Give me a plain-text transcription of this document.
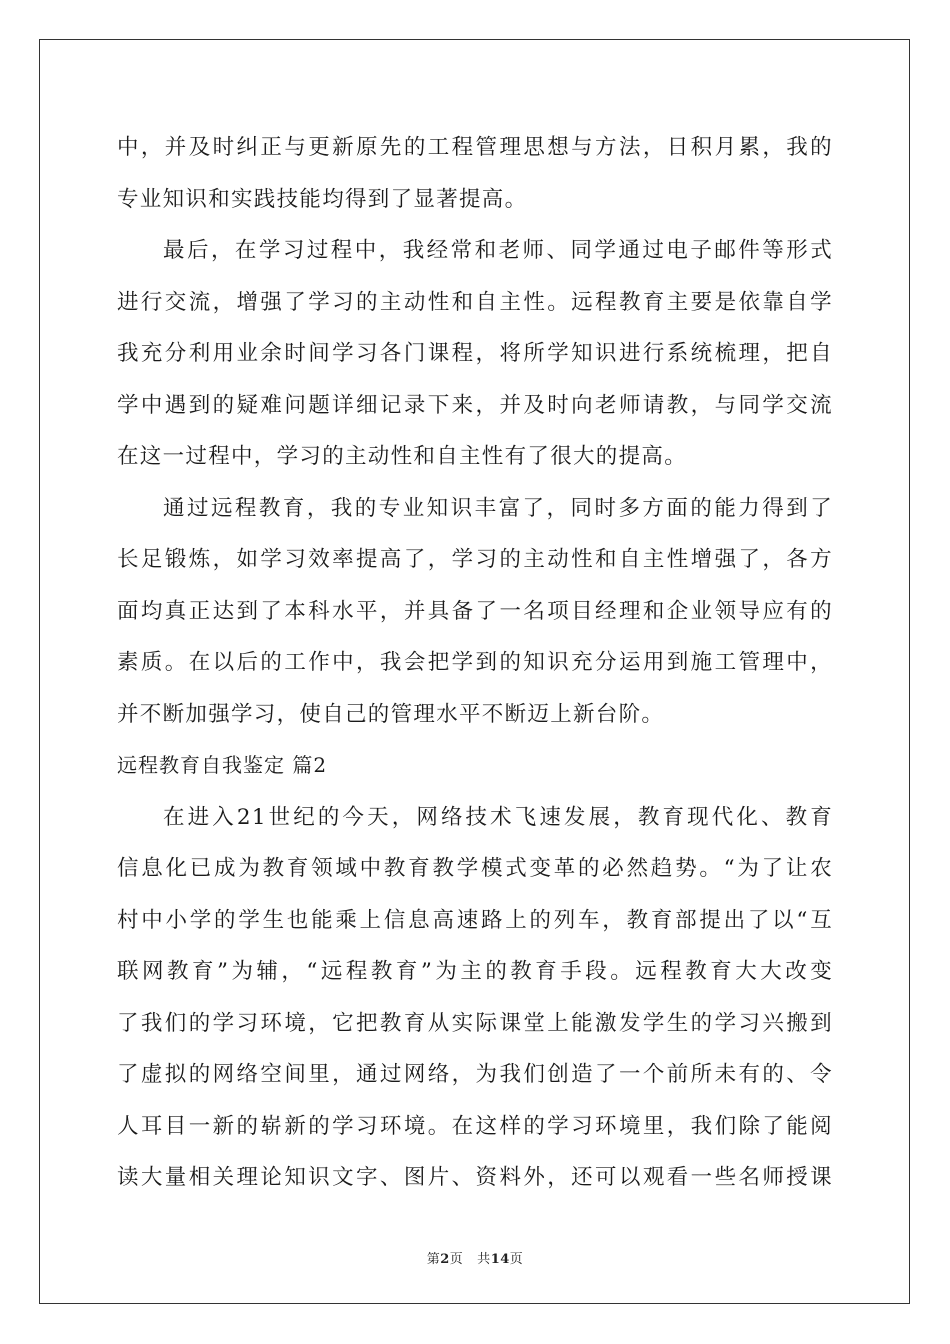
中，并及时纠正与更新原先的工程管理思想与方法，日积月累，我的
专业知识和实践技能均得到了显著提高。
最后，在学习过程中，我经常和老师、同学通过电子邮件等形式
进行交流，增强了学习的主动性和自主性。远程教育主要是依靠自学
我充分利用业余时间学习各门课程，将所学知识进行系统梳理，把自
学中遇到的疑难问题详细记录下来，并及时向老师请教，与同学交流
在这一过程中，学习的主动性和自主性有了很大的提高。
通过远程教育，我的专业知识丰富了，同时多方面的能力得到了
长足锻炼，如学习效率提高了，学习的主动性和自主性增强了，各方
面均真正达到了本科水平，并具备了一名项目经理和企业领导应有的
素质。在以后的工作中，我会把学到的知识充分运用到施工管理中，
并不断加强学习，使自己的管理水平不断迈上新台阶。
远程教育自我鉴定 篇2
在进入21世纪的今天，网络技术飞速发展，教育现代化、教育
信息化已成为教育领域中教育教学模式变革的必然趋势。“为了让农
村中小学的学生也能乘上信息高速路上的列车，教育部提出了以“互
联网教育”为辅，“远程教育”为主的教育手段。远程教育大大改变
了我们的学习环境，它把教育从实际课堂上能激发学生的学习兴搬到
了虚拟的网络空间里，通过网络，为我们创造了一个前所未有的、令
人耳目一新的崭新的学习环境。在这样的学习环境里，我们除了能阅
读大量相关理论知识文字、图片、资料外，还可以观看一些名师授课
第2页 共14页
